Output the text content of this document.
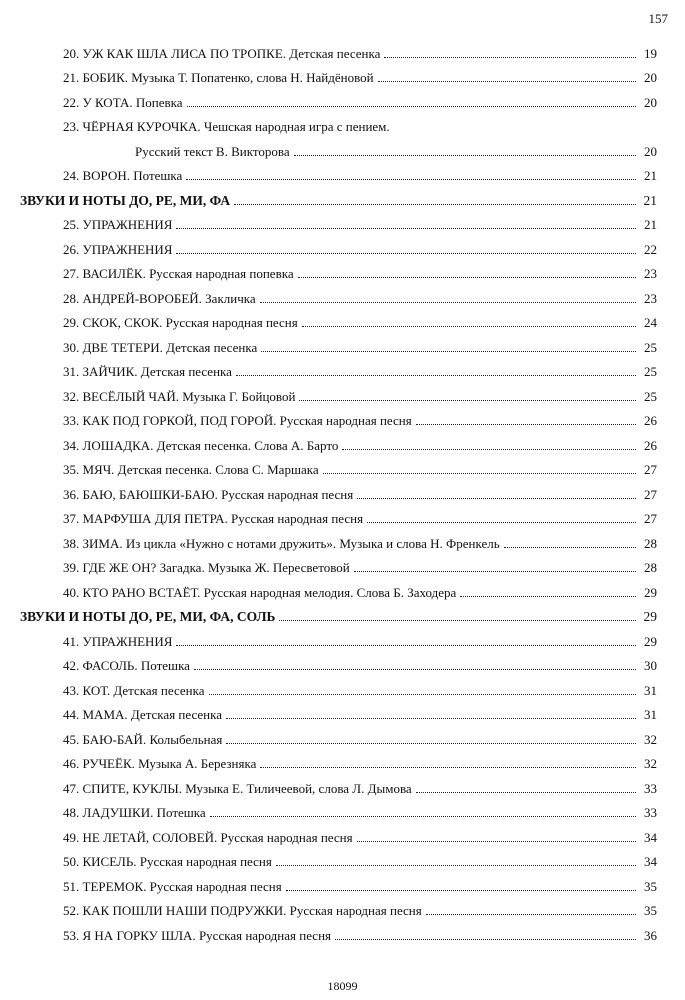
157
20. УЖ КАК ШЛА ЛИСА ПО ТРОПКЕ. Детская песенка	19
21. БОБИК. Музыка Т. Попатенко, слова Н. Найдёновой	20
22. У КОТА. Попевка	20
23. ЧЁРНАЯ КУРОЧКА. Чешская народная игра с пением.
Русский текст В. Викторова	20
24. ВОРОН. Потешка	21
ЗВУКИ И НОТЫ ДО, РЕ, МИ, ФА	21
25. УПРАЖНЕНИЯ	21
26. УПРАЖНЕНИЯ	22
27. ВАСИЛЁК. Русская народная попевка	23
28. АНДРЕЙ-ВОРОБЕЙ. Закличка	23
29. СКОК, СКОК. Русская народная песня	24
30. ДВЕ ТЕТЕРИ. Детская песенка	25
31. ЗАЙЧИК. Детская песенка	25
32. ВЕСЁЛЫЙ ЧАЙ. Музыка Г. Бойцовой	25
33. КАК ПОД ГОРКОЙ, ПОД ГОРОЙ. Русская народная песня	26
34. ЛОШАДКА. Детская песенка. Слова А. Барто	26
35. МЯЧ. Детская песенка. Слова С. Маршака	27
36. БАЮ, БАЮШКИ-БАЮ. Русская народная песня	27
37. МАРФУША ДЛЯ ПЕТРА. Русская народная песня	27
38. ЗИМА. Из цикла «Нужно с нотами дружить». Музыка и слова Н. Френкель	28
39. ГДЕ ЖЕ ОН? Загадка. Музыка Ж. Пересветовой	28
40. КТО РАНО ВСТАЁТ. Русская народная мелодия. Слова Б. Заходера	29
ЗВУКИ И НОТЫ ДО, РЕ, МИ, ФА, СОЛЬ	29
41. УПРАЖНЕНИЯ	29
42. ФАСОЛЬ. Потешка	30
43. КОТ. Детская песенка	31
44. МАМА. Детская песенка	31
45. БАЮ-БАЙ. Колыбельная	32
46. РУЧЕЁК. Музыка А. Березняка	32
47. СПИТЕ, КУКЛЫ. Музыка Е. Тиличеевой, слова Л. Дымова	33
48. ЛАДУШКИ. Потешка	33
49. НЕ ЛЕТАЙ, СОЛОВЕЙ. Русская народная песня	34
50. КИСЕЛЬ. Русская народная песня	34
51. ТЕРЕМОК. Русская народная песня	35
52. КАК ПОШЛИ НАШИ ПОДРУЖКИ. Русская народная песня	35
53. Я НА ГОРКУ ШЛА. Русская народная песня	36
18099
